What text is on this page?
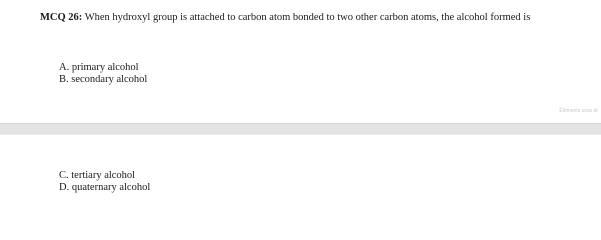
MCQ 26: When hydroxyl group is attached to carbon atom bonded to two other carbon atoms, the alcohol formed is
A. primary alcohol
B. secondary alcohol
Éléments sous dr
C. tertiary alcohol
D. quaternary alcohol
